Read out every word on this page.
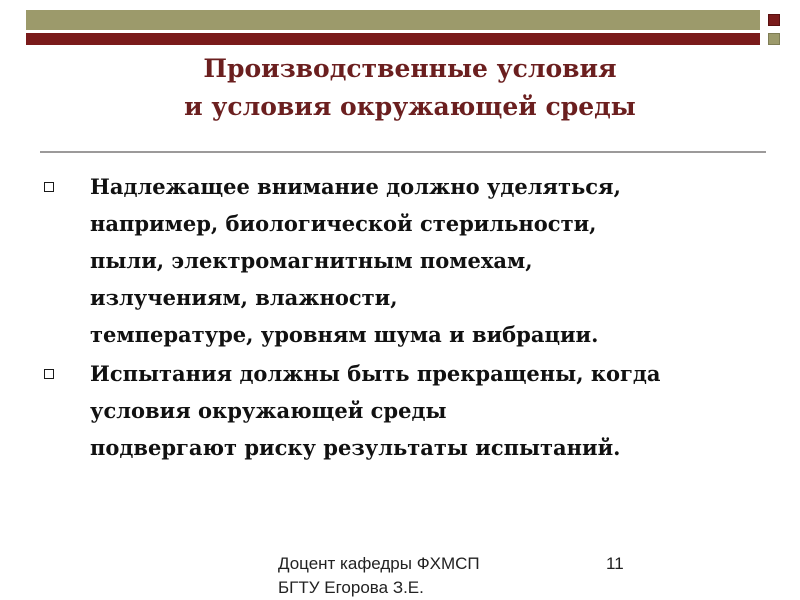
Производственные условия
и условия окружающей среды
Надлежащее внимание должно уделяться,
например, биологической стерильности,
пыли, электромагнитным помехам,
излучениям, влажности,
температуре, уровням шума и вибрации.
Испытания должны быть прекращены, когда
условия окружающей среды
подвергают риску результаты испытаний.
Доцент кафедры ФХМСП
БГТУ Егорова З.Е.
11
